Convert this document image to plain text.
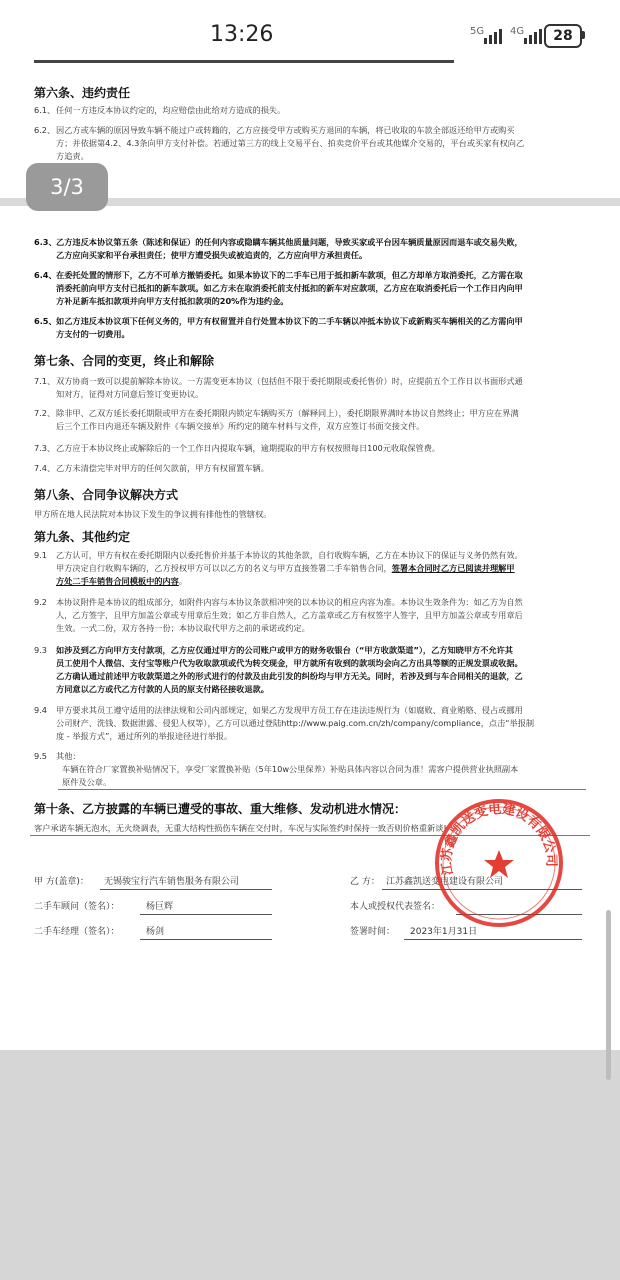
13:26	5G	4G	28
第六条、违约责任
6.1、 任何一方违反本协议约定的，均应赔偿由此给对方造成的损失。
6.2、 因乙方或车辆的原因导致车辆不能过户或转籍的，乙方应接受甲方或购买方退回的车辆，将已收取的车款全部返还给甲方或购买
方；并依据第4.2、4.3条向甲方支付补偿。若通过第三方的线上交易平台、拍卖竞价平台或其他媒介交易的，平台或买家有权向乙
方追责。
3/3
6.3、 乙方违反本协议第五条（陈述和保证）的任何内容或隐瞒车辆其他质量问题，导致买家或平台因车辆质量原因而退车或交易失败，
乙方应向买家和平台承担责任；使甲方遭受损失或被追责的，乙方应向甲方承担责任。
6.4、 在委托处置的情形下，乙方不可单方撤销委托。如果本协议下的二手车已用于抵扣新车款项，但乙方却单方取消委托，乙方需在取
消委托前向甲方支付已抵扣的新车款项。如乙方未在取消委托前支付抵扣的新车对应款项，乙方应在取消委托后一个工作日内向甲
方补足新车抵扣款项并向甲方支付抵扣款项的20%作为违约金。
6.5、 如乙方违反本协议项下任何义务的，甲方有权留置并自行处置本协议下的二手车辆以冲抵本协议下或新购买车辆相关的乙方需向甲
方支付的一切费用。
第七条、合同的变更，终止和解除
7.1、 双方协商一致可以提前解除本协议。一方需变更本协议（包括但不限于委托期限或委托售价）时，应提前五个工作日以书面形式通
知对方，征得对方同意后签订变更协议。
7.2、 除非甲、乙双方延长委托期限或甲方在委托期限内锁定车辆购买方（解释同上），委托期限界满时本协议自然终止；甲方应在界满
后三个工作日内退还车辆及附件《车辆交接单》所约定的随车材料与文件，双方应签订书面交接文件。
7.3、 乙方应于本协议终止或解除后的一个工作日内提取车辆，逾期提取的甲方有权按照每日100元收取保管费。
7.4、 乙方未清偿完毕对甲方的任何欠款前，甲方有权留置车辆。
第八条、合同争议解决方式
甲方所在地人民法院对本协议下发生的争议拥有排他性的管辖权。
第九条、其他约定
9.1 乙方认可，甲方有权在委托期限内以委托售价并基于本协议的其他条款，自行收购车辆，乙方在本协议下的保证与义务仍然有效。
甲方决定自行收购车辆的，乙方授权甲方可以以乙方的名义与甲方直接签署二手车销售合同，签署本合同时乙方已阅读并理解甲
方处二手车销售合同模板中的内容。
9.2 本协议附件是本协议的组成部分，如附件内容与本协议条款相冲突的以本协议的相应内容为准。本协议生效条件为：如乙方为自然
人，乙方签字，且甲方加盖公章或专用章后生效；如乙方非自然人，乙方盖章或乙方有权签字人签字，且甲方加盖公章或专用章后
生效。一式二份，双方各持一份；本协议取代甲方之前的承诺或约定。
9.3 如涉及到乙方向甲方支付款项，乙方应仅通过甲方的公司账户或甲方的财务收银台（“甲方收款渠道”），乙方知晓甲方不允许其
员工使用个人微信、支付宝等账户代为收取款项或代为转交现金，甲方就所有收到的款项均会向乙方出具等额的正规发票或收据。
乙方确认通过前述甲方收款渠道之外的形式进行的付款及由此引发的纠纷均与甲方无关。同时，若涉及到与车合同相关的退款，乙
方同意以乙方或代乙方付款的人员的原支付路径接收退款。
9.4 甲方要求其员工遵守适用的法律法规和公司内部规定，如果乙方发现甲方员工存在违法违规行为（如腐败、商业贿赂、侵占或挪用
公司财产、洗钱、数据泄露、侵犯人权等），乙方可以通过登陆http://www.paig.com.cn/zh/company/compliance，点击“举报制
度 - 举报方式”，通过所列的举报途径进行举报。
9.5 其他：
车辆在符合厂家置换补贴情况下，享受厂家置换补贴（5年10w公里保养）补贴具体内容以合同为准！需客户提供营业执照副本
原件及公章。
第十条、乙方披露的车辆已遭受的事故、重大维修、发动机进水情况：
客户承诺车辆无泡水，无火烧调表，无重大结构性损伤车辆在交付时，车况与实际签约时保持一致否则价格重新谈!
甲 方(盖章)： 无锡骏宝行汽车销售服务有限公司
二手车顾问（签名）：	杨巨辉
二手车经理（签名）：	杨剑
乙 方： 江苏鑫凯送变电建设有限公司
本人或授权代表签名：
签署时间： 2023年1月31日
江苏鑫凯送变电建设有限公司
